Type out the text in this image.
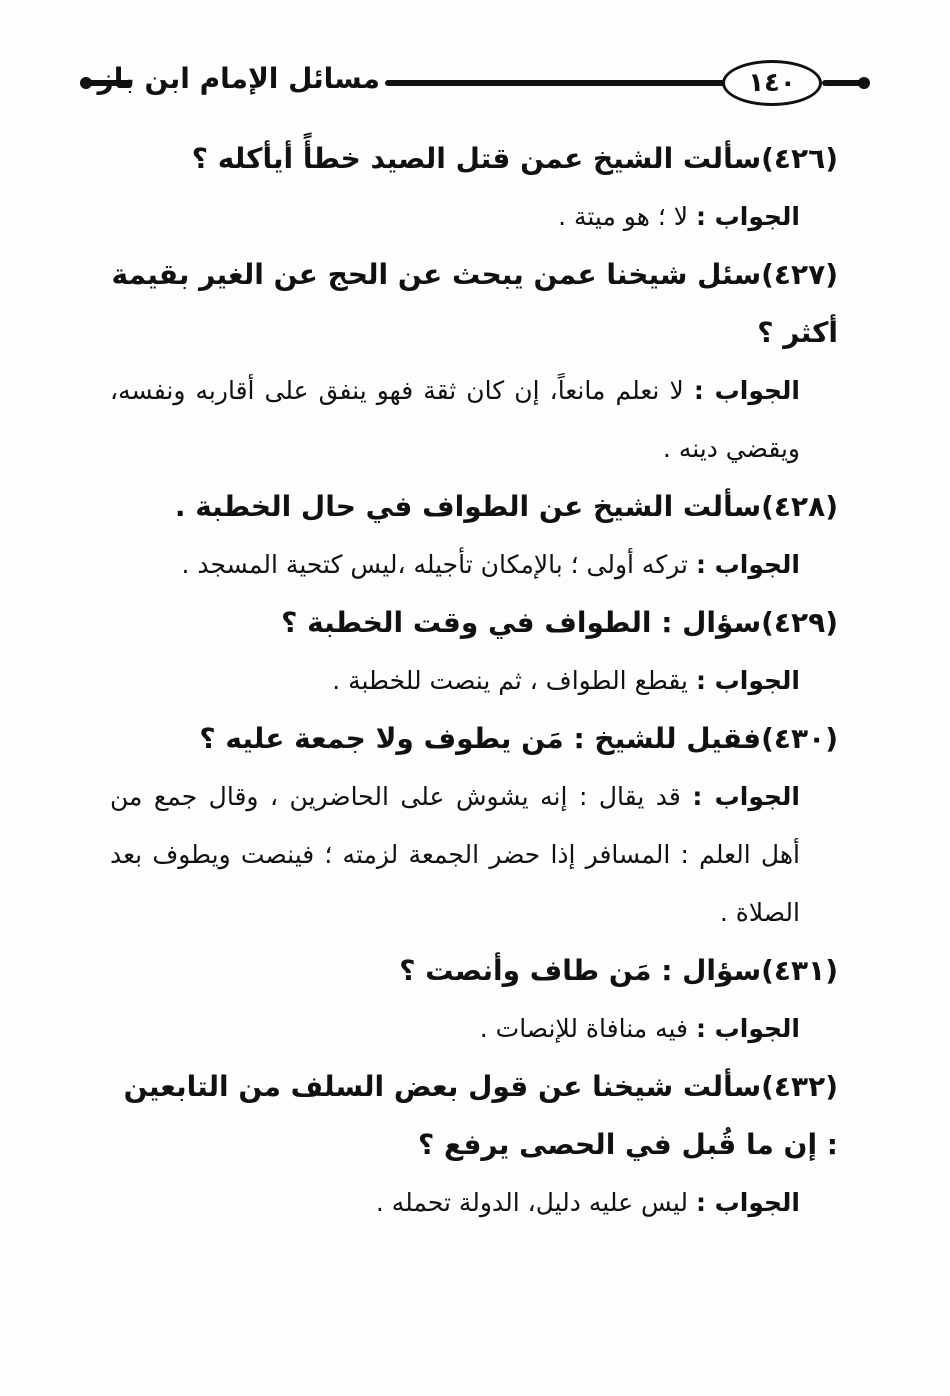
مسائل الإمام ابن باز	١٤٠

(٤٢٦)سألت الشيخ عمن قتل الصيد خطأً أيأكله ؟

الجواب : لا ؛ هو ميتة .

(٤٢٧)سئل شيخنا عمن يبحث عن الحج عن الغير بقيمة أكثر ؟

الجواب : لا نعلم مانعاً، إن كان ثقة فهو ينفق على أقاربه ونفسه، ويقضي دينه .

(٤٢٨)سألت الشيخ عن الطواف في حال الخطبة .

الجواب : تركه أولى ؛ بالإمكان تأجيله ،ليس كتحية المسجد .

(٤٢٩)سؤال : الطواف في وقت الخطبة ؟

الجواب : يقطع الطواف ، ثم ينصت للخطبة .

(٤٣٠)فقيل للشيخ : مَن يطوف ولا جمعة عليه ؟

الجواب : قد يقال : إنه يشوش على الحاضرين ، وقال جمع من أهل العلم : المسافر إذا حضر الجمعة لزمته ؛ فينصت ويطوف بعد الصلاة .

(٤٣١)سؤال : مَن طاف وأنصت ؟

الجواب : فيه منافاة للإنصات .

(٤٣٢)سألت شيخنا عن قول بعض السلف من التابعين : إن ما قُبل في الحصى يرفع ؟

الجواب : ليس عليه دليل، الدولة تحمله .
